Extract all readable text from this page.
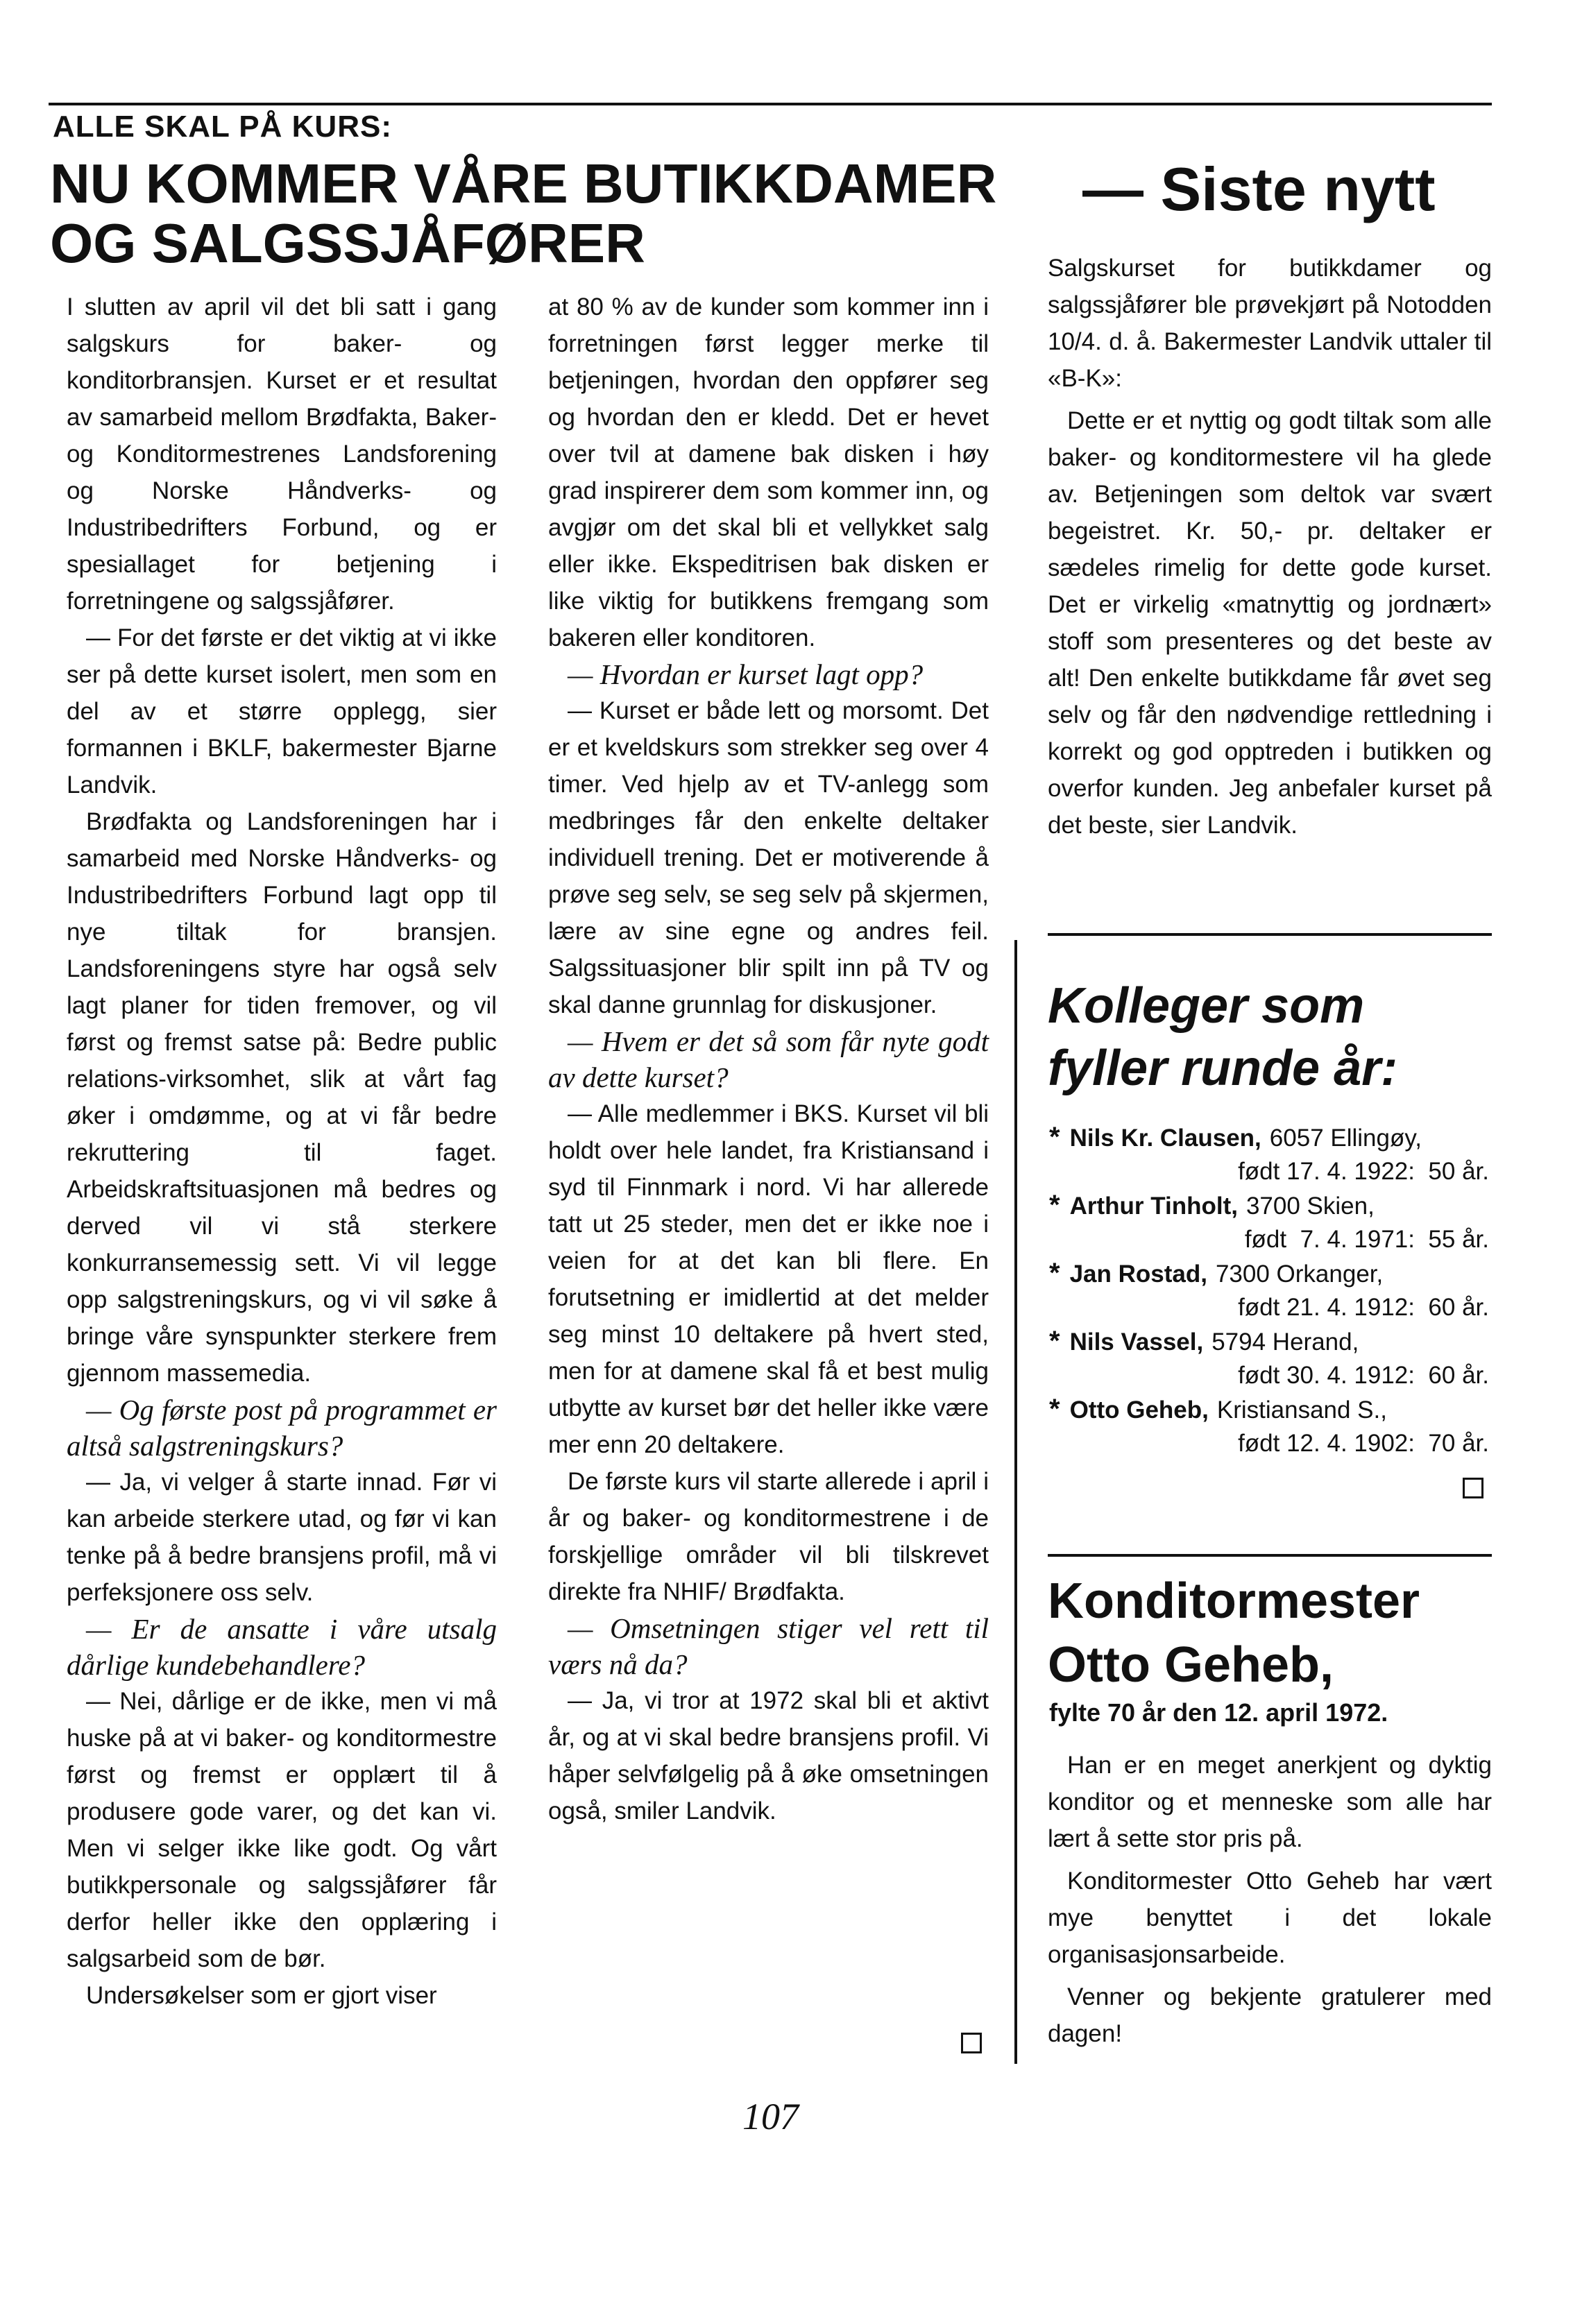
ALLE SKAL PÅ KURS:
NU KOMMER VÅRE BUTIKKDAMER
OG SALGSSJÅFØRER

I slutten av april vil det bli satt i gang salgskurs for baker- og konditorbransjen. Kurset er et resultat av samarbeid mellom Brødfakta, Baker- og Konditormestrenes Landsforening og Norske Håndverks- og Industribedrifters Forbund, og er spesiallaget for betjening i forretningene og salgssjåfører.

— For det første er det viktig at vi ikke ser på dette kurset isolert, men som en del av et større opplegg, sier formannen i BKLF, bakermester Bjarne Landvik.

Brødfakta og Landsforeningen har i samarbeid med Norske Håndverks- og Industribedrifters Forbund lagt opp til nye tiltak for bransjen. Landsforeningens styre har også selv lagt planer for tiden fremover, og vil først og fremst satse på: Bedre public relations-virksomhet, slik at vårt fag øker i omdømme, og at vi får bedre rekruttering til faget. Arbeidskraftsituasjonen må bedres og derved vil vi stå sterkere konkurransemessig sett. Vi vil legge opp salgstreningskurs, og vi vil søke å bringe våre synspunkter sterkere frem gjennom massemedia.

— Og første post på programmet er altså salgstreningskurs?

— Ja, vi velger å starte innad. Før vi kan arbeide sterkere utad, og før vi kan tenke på å bedre bransjens profil, må vi perfeksjonere oss selv.

— Er de ansatte i våre utsalg dårlige kundebehandlere?

— Nei, dårlige er de ikke, men vi må huske på at vi baker- og konditormestre først og fremst er opplært til å produsere gode varer, og det kan vi. Men vi selger ikke like godt. Og vårt butikkpersonale og salgssjåfører får derfor heller ikke den opplæring i salgsarbeid som de bør.

Undersøkelser som er gjort viser

at 80 % av de kunder som kommer inn i forretningen først legger merke til betjeningen, hvordan den oppfører seg og hvordan den er kledd. Det er hevet over tvil at damene bak disken i høy grad inspirerer dem som kommer inn, og avgjør om det skal bli et vellykket salg eller ikke. Ekspeditrisen bak disken er like viktig for butikkens fremgang som bakeren eller konditoren.

— Hvordan er kurset lagt opp?

— Kurset er både lett og morsomt. Det er et kveldskurs som strekker seg over 4 timer. Ved hjelp av et TV-anlegg som medbringes får den enkelte deltaker individuell trening. Det er motiverende å prøve seg selv, se seg selv på skjermen, lære av sine egne og andres feil. Salgssituasjoner blir spilt inn på TV og skal danne grunnlag for diskusjoner.

— Hvem er det så som får nyte godt av dette kurset?

— Alle medlemmer i BKS. Kurset vil bli holdt over hele landet, fra Kristiansand i syd til Finnmark i nord. Vi har allerede tatt ut 25 steder, men det er ikke noe i veien for at det kan bli flere. En forutsetning er imidlertid at det melder seg minst 10 deltakere på hvert sted, men for at damene skal få et best mulig utbytte av kurset bør det heller ikke være mer enn 20 deltakere.

De første kurs vil starte allerede i april i år og baker- og konditormestrene i de forskjellige områder vil bli tilskrevet direkte fra NHIF/ Brødfakta.

— Omsetningen stiger vel rett til værs nå da?

— Ja, vi tror at 1972 skal bli et aktivt år, og at vi skal bedre bransjens profil. Vi håper selvfølgelig på å øke omsetningen også, smiler Landvik.

— Siste nytt

Salgskurset for butikkdamer og salgssjåfører ble prøvekjørt på Notodden 10/4. d. å. Bakermester Landvik uttaler til «B-K»:

Dette er et nyttig og godt tiltak som alle baker- og konditormestere vil ha glede av. Betjeningen som deltok var svært begeistret. Kr. 50,- pr. deltaker er sædeles rimelig for dette gode kurset. Det er virkelig «matnyttig og jordnært» stoff som presenteres og det beste av alt! Den enkelte butikkdame får øvet seg selv og får den nødvendige rettledning i korrekt og god opptreden i butikken og overfor kunden. Jeg anbefaler kurset på det beste, sier Landvik.

Kolleger som
fyller runde år:
* Nils Kr. Clausen, 6057 Ellingøy,
født 17. 4. 1922:  50 år.
* Arthur Tinholt, 3700 Skien,
født  7. 4. 1971:  55 år.
* Jan Rostad, 7300 Orkanger,
født 21. 4. 1912:  60 år.
* Nils Vassel, 5794 Herand,
født 30. 4. 1912:  60 år.
* Otto Geheb, Kristiansand S.,
født 12. 4. 1902:  70 år.
Konditormester
Otto Geheb,
fylte 70 år den 12. april 1972.

Han er en meget anerkjent og dyktig konditor og et menneske som alle har lært å sette stor pris på.

Konditormester Otto Geheb har vært mye benyttet i det lokale organisasjonsarbeide.

Venner og bekjente gratulerer med dagen!

107
